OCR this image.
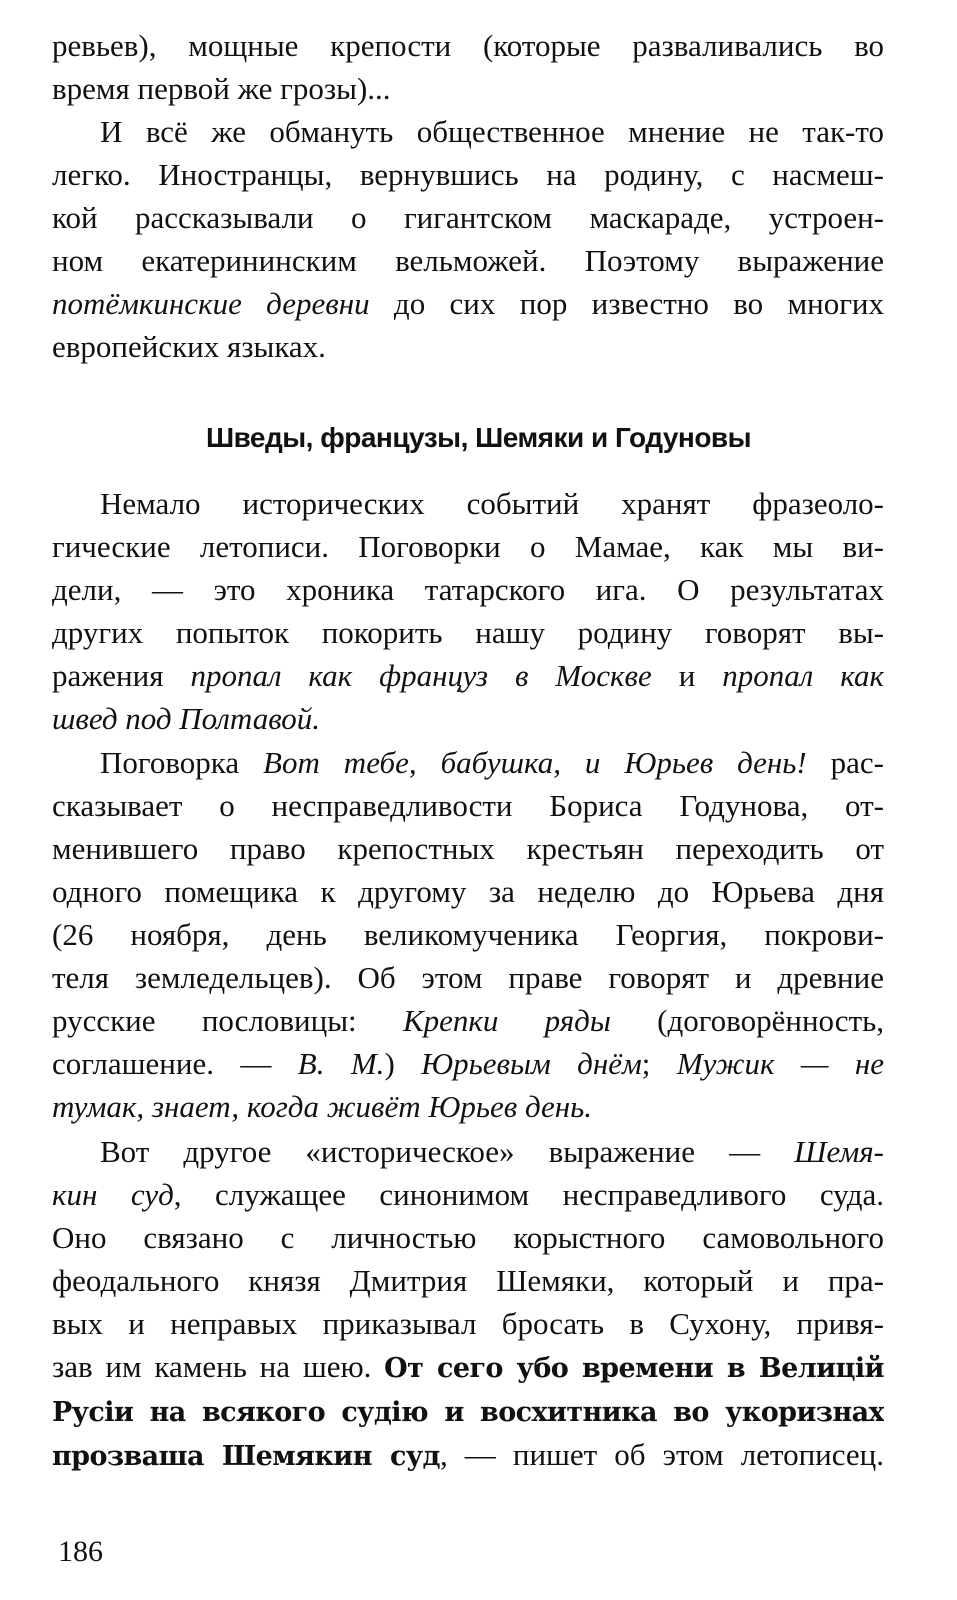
ревьев), мощные крепости (которые разваливались во
время первой же грозы)...
И всё же обмануть общественное мнение не так-то
легко. Иностранцы, вернувшись на родину, с насмеш-
кой рассказывали о гигантском маскараде, устроен-
ном екатерининским вельможей. Поэтому выражение
потёмкинские деревни до сих пор известно во многих
европейских языках.
Шведы, французы, Шемяки и Годуновы
Немало исторических событий хранят фразеоло-
гические летописи. Поговорки о Мамае, как мы ви-
дели, — это хроника татарского ига. О результатах
других попыток покорить нашу родину говорят вы-
ражения пропал как француз в Москве и пропал как
швед под Полтавой.
Поговорка Вот тебе, бабушка, и Юрьев день! рас-
сказывает о несправедливости Бориса Годунова, от-
менившего право крепостных крестьян переходить от
одного помещика к другому за неделю до Юрьева дня
(26 ноября, день великомученика Георгия, покрови-
теля земледельцев). Об этом праве говорят и древние
русские пословицы: Крепки ряды (договорённость,
соглашение. — В. М.) Юрьевым днём; Мужик — не
тумак, знает, когда живёт Юрьев день.
Вот другое «историческое» выражение — Шемя-
кин суд, служащее синонимом несправедливого суда.
Оно связано с личностью корыстного самовольного
феодального князя Дмитрия Шемяки, который и пра-
вых и неправых приказывал бросать в Сухону, привя-
зав им камень на шею. От сего убо времени в Велицій
Руcіи на всякого судію и восхитника во укоризнах
прозваша Шемякин суд, — пишет об этом летописец.
186
